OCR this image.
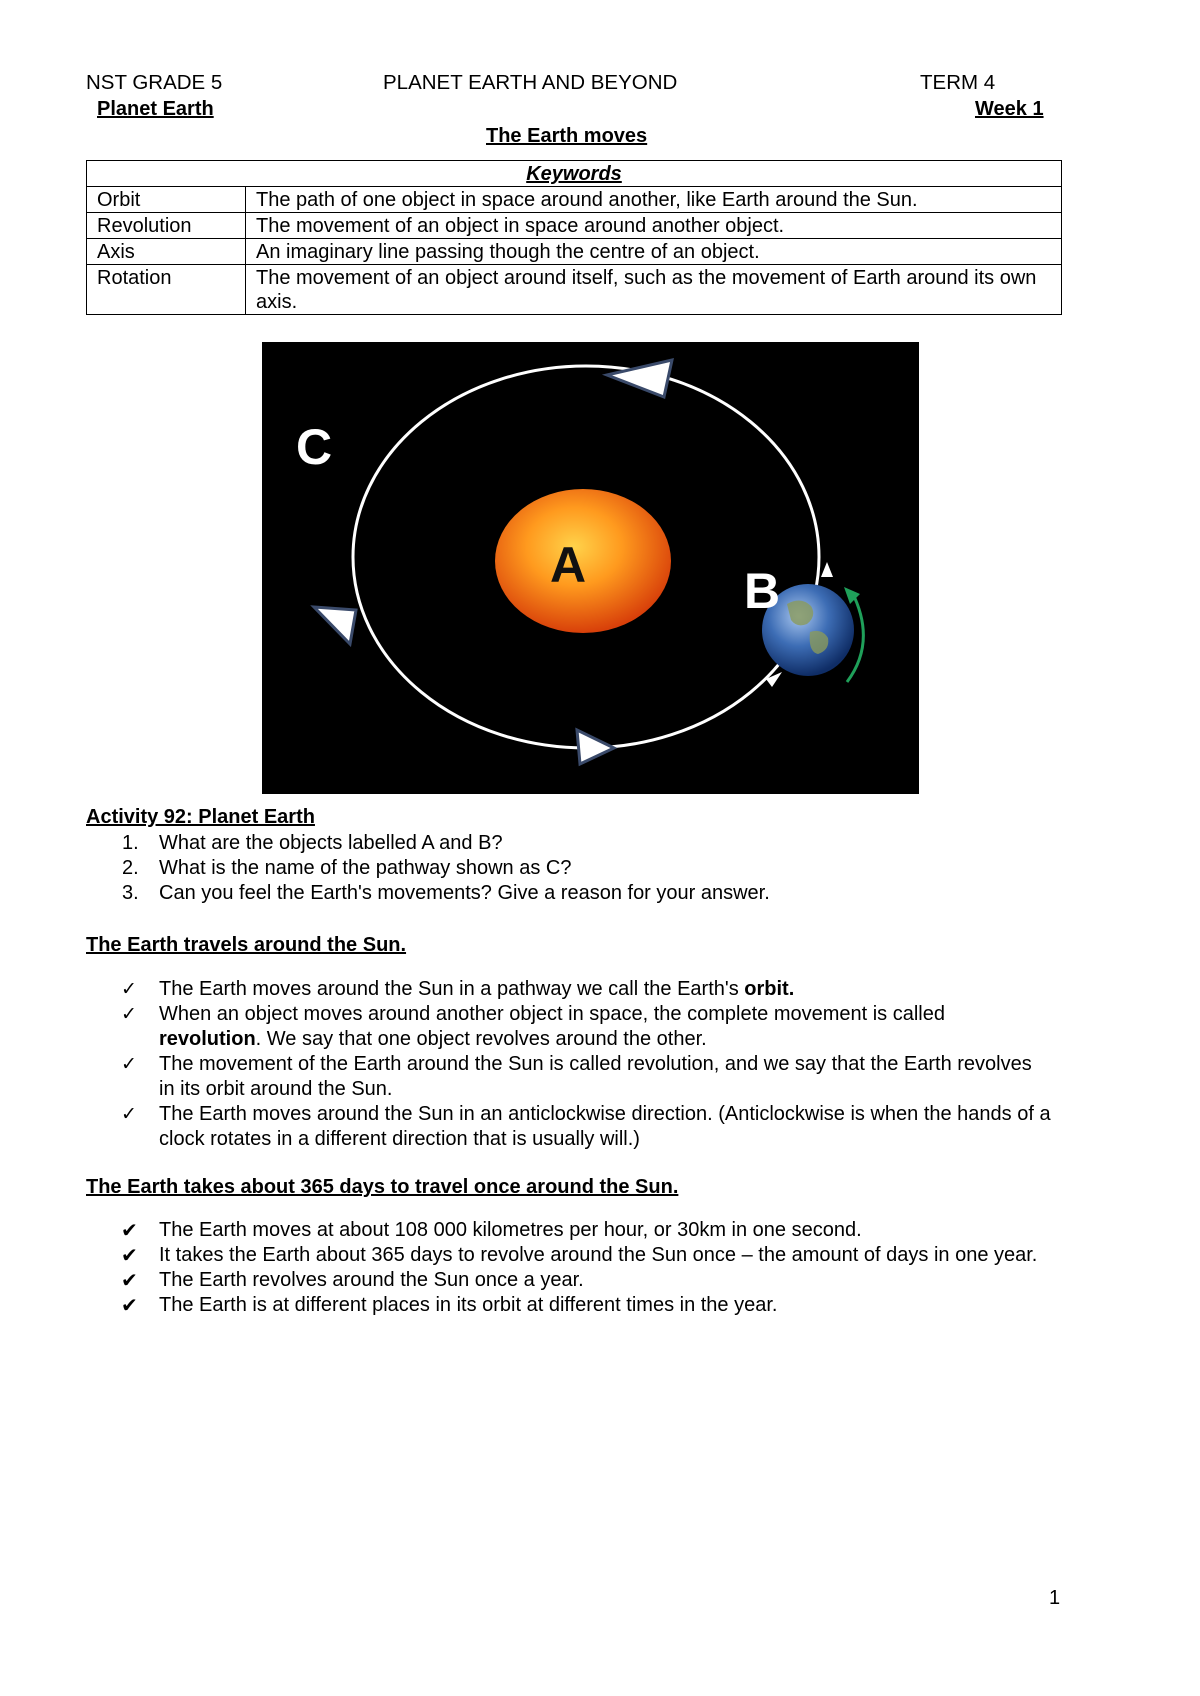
NST GRADE 5	PLANET EARTH AND BEYOND	TERM 4
Planet Earth	Week 1
The Earth moves
Keywords	
Orbit	The path of one object in space around another, like Earth around the Sun.
Revolution	The movement of an object in space around another object.
Axis	An imaginary line passing though the centre of an object.
Rotation	The movement of an object around itself, such as the movement of Earth around its own axis.
A	B
C
Activity 92: Planet Earth
1.	What are the objects labelled A and B?
2.	What is the name of the pathway shown as C?
3.	Can you feel the Earth's movements? Give a reason for your answer.
The Earth travels around the Sun.
✓	The Earth moves around the Sun in a pathway we call the Earth's orbit.
✓	When an object moves around another object in space, the complete movement is called revolution. We say that one object revolves around the other.
✓	The movement of the Earth around the Sun is called revolution, and we say that the Earth revolves in its orbit around the Sun.
✓	The Earth moves around the Sun in an anticlockwise direction. (Anticlockwise is when the hands of a clock rotates in a different direction that is usually will.)
The Earth takes about 365 days to travel once around the Sun.
✔	The Earth moves at about 108 000 kilometres per hour, or 30km in one second.
✔	It takes the Earth about 365 days to revolve around the Sun once – the amount of days in one year.
✔	The Earth revolves around the Sun once a year.
✔	The Earth is at different places in its orbit at different times in the year.
1
